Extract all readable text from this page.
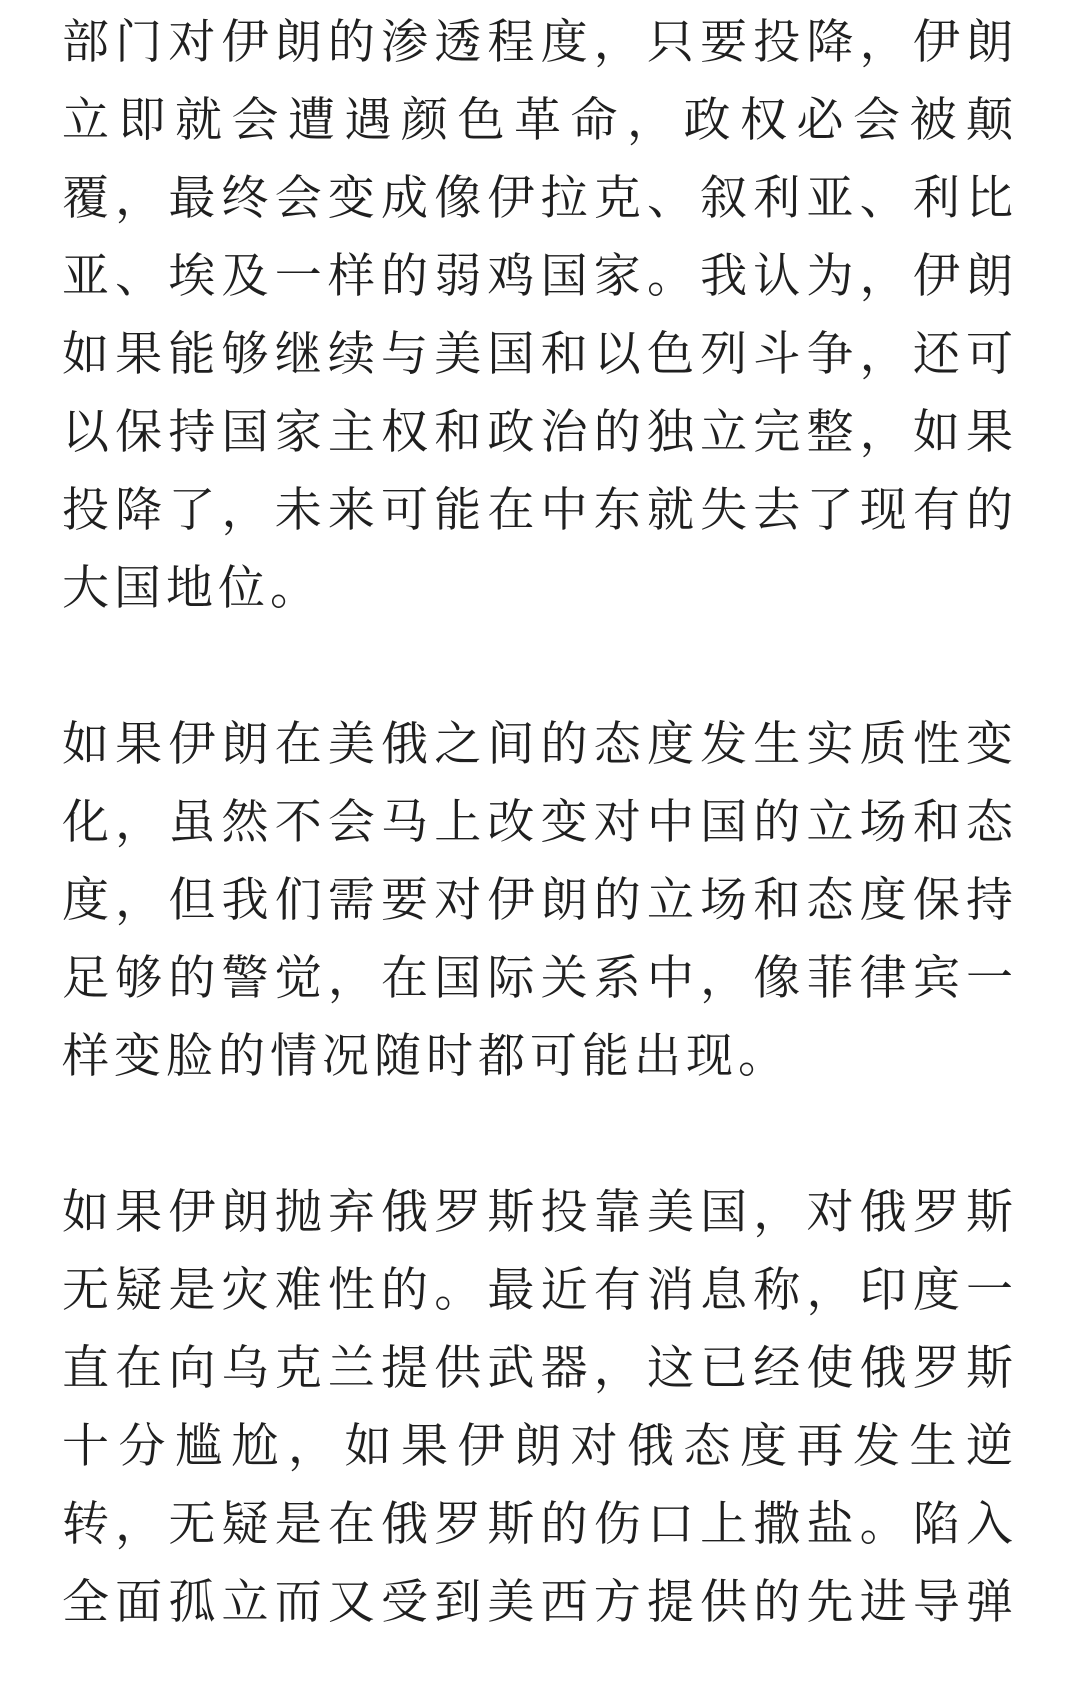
部门对伊朗的渗透程度，只要投降，伊朗
立即就会遭遇颜色革命，政权必会被颠
覆，最终会变成像伊拉克、叙利亚、利比
亚、埃及一样的弱鸡国家。我认为，伊朗
如果能够继续与美国和以色列斗争，还可
以保持国家主权和政治的独立完整，如果
投降了，未来可能在中东就失去了现有的
大国地位。
如果伊朗在美俄之间的态度发生实质性变
化，虽然不会马上改变对中国的立场和态
度，但我们需要对伊朗的立场和态度保持
足够的警觉，在国际关系中，像菲律宾一
样变脸的情况随时都可能出现。
如果伊朗抛弃俄罗斯投靠美国，对俄罗斯
无疑是灾难性的。最近有消息称，印度一
直在向乌克兰提供武器，这已经使俄罗斯
十分尴尬，如果伊朗对俄态度再发生逆
转，无疑是在俄罗斯的伤口上撒盐。陷入
全面孤立而又受到美西方提供的先进导弹
